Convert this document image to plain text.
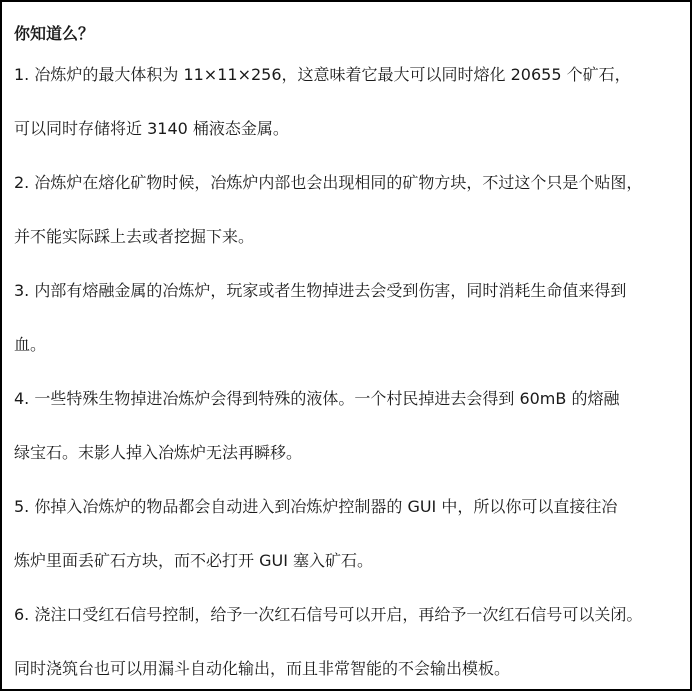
你知道么？
1. 冶炼炉的最大体积为 11×11×256，这意味着它最大可以同时熔化 20655 个矿石，
可以同时存储将近 3140 桶液态金属。
2. 冶炼炉在熔化矿物时候，冶炼炉内部也会出现相同的矿物方块，不过这个只是个贴图，
并不能实际踩上去或者挖掘下来。
3. 内部有熔融金属的冶炼炉，玩家或者生物掉进去会受到伤害，同时消耗生命值来得到
血。
4. 一些特殊生物掉进冶炼炉会得到特殊的液体。一个村民掉进去会得到 60mB 的熔融
绿宝石。末影人掉入冶炼炉无法再瞬移。
5. 你掉入冶炼炉的物品都会自动进入到冶炼炉控制器的 GUI 中，所以你可以直接往冶
炼炉里面丢矿石方块，而不必打开 GUI 塞入矿石。
6. 浇注口受红石信号控制，给予一次红石信号可以开启，再给予一次红石信号可以关闭。
同时浇筑台也可以用漏斗自动化输出，而且非常智能的不会输出模板。
